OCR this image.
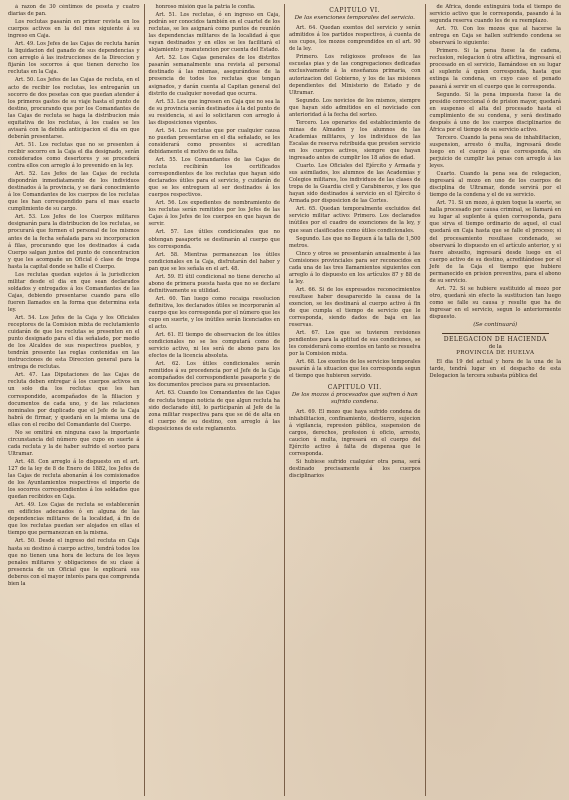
á razon de 30 céntimos de peseta y cuatro diarias de pan.

Los reclutas pasarán en primer revista en los cuerpos activos en la del mes siguiente á su ingreso en Caja.

Art. 49. Los Jefes de las Cajas de recluta harán la liquidacion del ganado de sus dependencias y con arreglo á las instrucciones de la Direccion y fijarán los socorros á que tienen derecho los reclutas en la Caja.

Art. 50. Los Jefes de las Cajas de recluta, en el acto de recibir los reclutas, les entregarán un socorro de dos pesetas con que puedan atender á los primeros gastos de su viaje hasta el punto de destino, procurando que por los Comandantes de las Cajas de recluta se haga la distribucion más equitativa de los reclutas, á los cuales se les avisará con la debida anticipacion el dia en que deberán presentarse.

Art. 51. Los reclutas que no se presenten á recibir socorro en la Caja el dia designado, serán considerados como desertores y se procederá contra ellos con arreglo á lo prevenido en la ley.

Art. 52. Los Jefes de las Cajas de recluta dispondrán inmediatamente de los individuos destinados á la provincia, y se dará conocimiento á los Comandantes de los cuerpos de los reclutas que les han correspondido para el mas exacto cumplimiento de su cargo.

Art. 53. Los Jefes de los Cuerpos militares designarán para la distribucion de los reclutas, se procurará que formen el personal de los mismos antes de la fecha señalada para su incorporacion á filas, procurando que los destinados á cada Cuerpo salgan juntos del punto de concentracion y que les acompañe un Oficial ó clase de tropa hasta la capital donde se halle el Cuerpo.

Los reclutas quedan sujetos á la jurisdiccion militar desde el dia en que sean declarados soldados y entregados á los Comandantes de las Cajas, debiendo presentarse cuando para ello fueren llamados en la forma que determina esta ley.

Art. 54. Los Jefes de la Caja y los Oficiales receptores de la Comision mixta de reclutamiento cuidarán de que los reclutas se presenten en el punto designado para el dia señalado, por medio de los Alcaldes de sus respectivos pueblos, y tendrán presente las reglas contenidas en las instrucciones de esta Direccion general para la entrega de reclutas.

Art. 47. Las Diputaciones de las Cajas de recluta deben entregar á los cuerpos activos en un solo dia los reclutas que les han correspondido, acompañados de la filiacion y documentos de cada uno, y de las relaciones nominales por duplicado que el Jefe de la Caja habrá de firmar, y quedará en la misma una de ellas con el recibo del Comandante del Cuerpo.

No se omitirá en ninguna caso la importante circunstancia del número que cupo en suerte á cada recluta y la de haber sufrido el sorteo para Ultramar.

Art. 48. Con arreglo á lo dispuesto en el art. 127 de la ley de 8 de Enero de 1882, los Jefes de las Cajas de recluta abonarán á los comisionados de los Ayuntamientos respectivos el importe de los socorros correspondientes á los soldados que quedan recibidos en Caja.

Art. 49. Los Cajas de recluta se establecerán en edificios adecuados ó en alguna de las dependencias militares de la localidad, á fin de que los reclutas puedan ser alojados en ellas el tiempo que permanezcan en la misma.

Art. 50. Desde el ingreso del recluta en Caja hasta su destino á cuerpo activo, tendrá todos los que no tienen una hora de lectura de los leyes penales militares y obligaciones de su clase á presencia de un Oficial que le explicará sus deberes con el mayor interés para que comprenda bien la

honroso misión que la patria le confía.

Art. 51. Los reclutas, ó en ingreso en Caja, podrán ser conocidos también en el cuartel de los reclutas, se les asignará como puntos de reunión las dependencias militares de la localidad á que vayan destinados y en ellos se les facilitará el alojamiento y manutencion por cuenta del Estado.

Art. 52. Los Cajas generales de los distritos pasarán semanalmente una revista al personal destinado á las mismas, asegurándose de la presencia de todos los reclutas que tengan asignados, y darán cuenta al Capitan general del distrito de cualquier novedad que ocurra.

Art. 53. Los que ingresen en Caja que no sea la de su provincia serán destinados á la del punto de su residencia, si así lo solicitaren con arreglo á las disposiciones vigentes.

Art. 54. Los reclutas que por cualquier causa no puedan presentarse en el dia señalado, se les considerará como presentes si acreditan debidamente el motivo de su falta.

Art. 55. Los Comandantes de las Cajas de recluta recibirán los certificados correspondientes de los reclutas que hayan sido declarados útiles para el servicio, y cuidarán de que se les entreguen al ser destinados á los cuerpos respectivos.

Art. 56. Los expedientes de nombramiento de los reclutas serán remitidos por los Jefes de las Cajas á los Jefes de los cuerpos en que hayan de servir.

Art. 57. Los útiles condicionales que no obtengan pasaporte se destinarán al cuerpo que les corresponda.

Art. 58. Mientras permanezcan los útiles condicionales en la Caja, disfrutarán del haber y pan que se les señala en el art. 48.

Art. 59. El útil condicional no tiene derecho al abono de primera puesta hasta que no se declare definitivamente su utilidad.

Art. 60. Tan luego como recaiga resolucion definitiva, los declarados útiles se incorporarán al cuerpo que les corresponda por el número que les cupo en suerte, y los inútiles serán licenciados en el acto.

Art. 61. El tiempo de observacion de los útiles condicionales no se les computará como de servicio activo, ni les será de abono para los efectos de la licencia absoluta.

Art. 62. Los útiles condicionales serán remitidos á su procedencia por el Jefe de la Caja acompañados del correspondiente pasaporte y de los documentos precisos para su presentacion.

Art. 63. Cuando los Comandantes de las Cajas de recluta tengan noticia de que algun recluta ha sido declarado útil, lo participarán al Jefe de la zona militar respectiva para que se dé de alta en el cuerpo de su destino, con arreglo á las disposiciones de este reglamento.

CAPITULO VI.
De las exenciones temporales del servicio.

Art. 64. Quedan exentos del servicio y serán admitidos á los partidos respectivos, á cuenta de sus cupos, los mozos comprendidos en el art. 90 de la ley.

Primero. Los religiosos profesos de las escuelas pias y de las congregaciones dedicadas exclusivamente á la enseñanza primaria, con autorizacion del Gobierno, y los de las misiones dependientes del Ministerio de Estado y de Ultramar.

Segundo. Los novicios de los mismos, siempre que hayan sido admitidos en el noviciado con anterioridad á la fecha del sorteo.

Tercero. Los operarios del establecimiento de minas de Almaden y los alumnos de las Academias militares, y los individuos de las Escalas de reserva retribuida que presten servicio en los cuerpos activos, siempre que hayan ingresado antes de cumplir los 18 años de edad.

Cuarto. Los Oficiales del Ejército y Armada y sus asimilados, los alumnos de las Academias y Colegios militares, los individuos de las clases de tropa de la Guardia civil y Carabineros, y los que hayan sido destinados á servicio en el Ejército ó Armada por disposicion de las Cortes.

Art. 65. Quedan temporalmente excluidos del servicio militar activo: Primero. Los declarados inútiles por el cuadro de exenciones de la ley, y que sean clasificados como útiles condicionales.

Segundo. Los que no lleguen á la talla de 1,500 metros.

Cinco y otros se presentarán anualmente á las Comisiones provinciales para ser reconocidos en cada una de las tres llamamientos siguientes con arreglo á lo dispuesto en los artículos 87 y 88 de la ley.

Art. 66. Si de los expresados reconocimientos resultase haber desaparecido la causa de la exencion, se les destinará al cuerpo activo á fin de que cumpla el tiempo de servicio que le corresponda, siendo dados de baja en las reservas.

Art. 67. Los que se tuvieren revisiones pendientes para la aptitud de sus condiciones, se les considerará como exentos en tanto se resuelva por la Comision mixta.

Art. 68. Los exentos de los servicios temporales pasarán á la situacion que les corresponda segun el tiempo que hubieren servido.

CAPITULO VII.
De los mozos á procesados que sufren ó han sufrido condena.

Art. 69. El mozo que haya sufrido condena de inhabilitacion, confinamiento, destierro, sujecion á vigilancia, represion pública, suspension de cargos, derechos, profesion ú oficio, arresto, caucion ú multa, ingresará en el cuerpo del Ejército activo á falta de dispensa que le corresponda.

Si hubiese sufrido cualquier otra pena, será destinado precisamente á los cuerpos disciplinarios

de África, donde extinguirá toda el tiempo de servicio activo que le corresponda, pasando á la segunda reserva cuando les de su reemplazo.

Art. 70. Con los mozos que al hacerse la entrega en Caja se hallen sufriendo condena se observará lo siguiente:

Primero. Si la pena fuese la de cadena, reclusion, relegacion ú otra aflictiva, ingresará el procesado en el servicio, llamándose en su lugar al suplente á quien corresponda, hasta que extinga la condena, en cuyo caso el penado pasará á servir en el cuerpo que le corresponda.

Segundo. Si la pena impuesta fuese la de presidio correccional ó de prision mayor, quedará en suspenso el alta del procesado hasta el cumplimiento de su condena, y será destinado después á uno de los cuerpos disciplinarios de África por el tiempo de su servicio activo.

Tercero. Cuando la pena sea de inhabilitacion, suspension, arresto ó multa, ingresará desde luego en el cuerpo á que corresponda, sin perjuicio de cumplir las penas con arreglo á las leyes.

Cuarto. Cuando la pena sea de relegacion, ingresará al mozo en uno de los cuerpos de disciplina de Ultramar, donde servirá por el tiempo de la condena y el de su servicio.

Art. 71. Si un mozo, á quien toque la suerte, se halla procesado por causa criminal, se llamará en su lugar al suplente á quien corresponda, para que sirva el tiempo ordinario de aquel, el cual quedará en Caja hasta que se falle el proceso; si del procesamiento resultase condenado, se observará lo dispuesto en el artículo anterior, y si fuere absuelto, ingresará desde luego en el cuerpo activo de su destino, acreditándose por el Jefe de la Caja el tiempo que hubiere permanecido en prision preventiva, para el abono de su servicio.

Art. 72. Si se hubiere sustituido al mozo por otro, quedará sin efecto la sustitucion tan luego como se falle su causa y resulte que ha de ingresar en el servicio, segun lo anteriormente dispuesto.

(Se continuará)
DELEGACION DE HACIENDA
de la
PROVINCIA DE HUELVA

El dia 19 del actual y hora de la una de la tarde, tendrá lugar en el despacho de esta Delegacion la tercera subasta pública del
